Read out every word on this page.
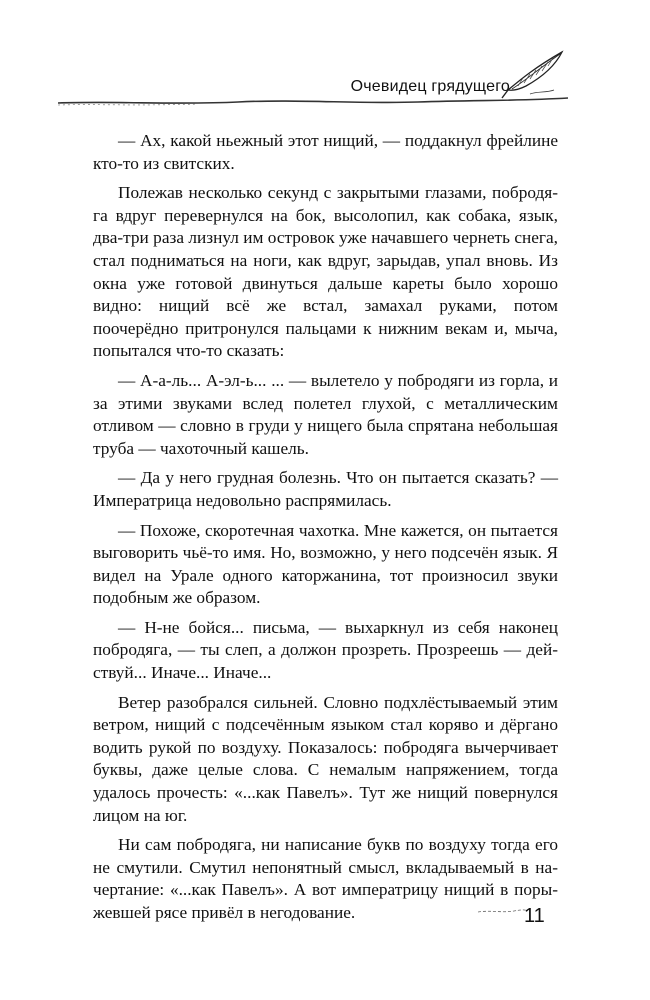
Очевидец грядущего

— Ах, какой ньежный этот нищий, — поддакнул фрейлине кто-то из свитских.

Полежав несколько секунд с закрытыми глазами, побродяга вдруг перевернулся на бок, высолопил, как собака, язык, два-три раза лизнул им островок уже начавшего чернеть снега, стал подниматься на ноги, как вдруг, зарыдав, упал вновь. Из окна уже готовой двинуться дальше кареты было хорошо видно: нищий всё же встал, замахал руками, потом поочерёдно притронулся пальцами к нижним векам и, мыча, попытался что-то сказать:

— А-а-ль... А-эл-ь... ... — вылетело у побродяги из горла, и за этими звуками вслед полетел глухой, с металлическим отливом — словно в груди у нищего была спрятана небольшая труба — чахоточный кашель.

— Да у него грудная болезнь. Что он пытается сказать? — Императрица недовольно распрямилась.

— Похоже, скоротечная чахотка. Мне кажется, он пытается выговорить чьё-то имя. Но, возможно, у него подсечён язык. Я видел на Урале одного каторжанина, тот произносил звуки подобным же образом.

— Н-не бойся... письма, — выхаркнул из себя наконец побродяга, — ты слеп, а должон прозреть. Прозреешь — действуй... Иначе... Иначе...

Ветер разобрался сильней. Словно подхлёстываемый этим ветром, нищий с подсечённым языком стал коряво и дёргано водить рукой по воздуху. Показалось: побродяга вычерчивает буквы, даже целые слова. С немалым напряжением, тогда удалось прочесть: «...как Павелъ». Тут же нищий повернулся лицом на юг.

Ни сам побродяга, ни написание букв по воздуху тогда его не смутили. Смутил непонятный смысл, вкладываемый в начертание: «...как Павелъ». А вот императрицу нищий в порыжевшей рясе привёл в негодование.	11
